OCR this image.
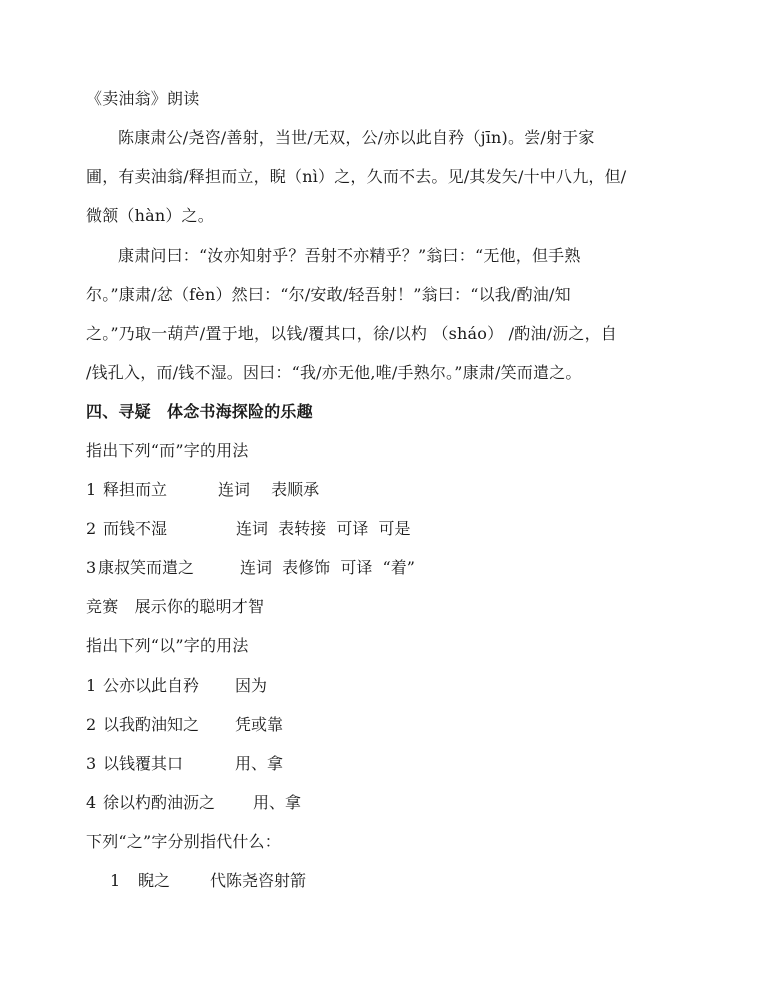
《卖油翁》朗读
陈康肃公/尧咨/善射，当世/无双，公/亦以此自矜（jīn)。尝/射于家
圃，有卖油翁/释担而立，睨（nì）之，久而不去。见/其发矢/十中八九，但/
微颔（hàn）之。
康肃问曰：“汝亦知射乎？吾射不亦精乎？”翁曰：“无他，但手熟
尔。”康肃/忿（fèn）然曰：“尔/安敢/轻吾射！”翁曰：“以我/酌油/知
之。”乃取一葫芦/置于地，以钱/覆其口，徐/以杓 （sháo） /酌油/沥之，自
/钱孔入，而/钱不湿。因曰：“我/亦无他,唯/手熟尔。”康肃/笑而遣之。
四、寻疑　体念书海探险的乐趣
指出下列“而”字的用法
1 释担而立	连词　 表顺承
2 而钱不湿	连词  表转接  可译  可是
3 康叔笑而遣之	连词  表修饰  可译  “着”
竞赛　展示你的聪明才智
指出下列“以”字的用法
1 公亦以此自矜 因为
2 以我酌油知之 凭或靠
3 以钱覆其口	用、拿
4 徐以杓酌油沥之 用、拿
下列“之”字分别指代什么：
1 睨之 代陈尧咨射箭
